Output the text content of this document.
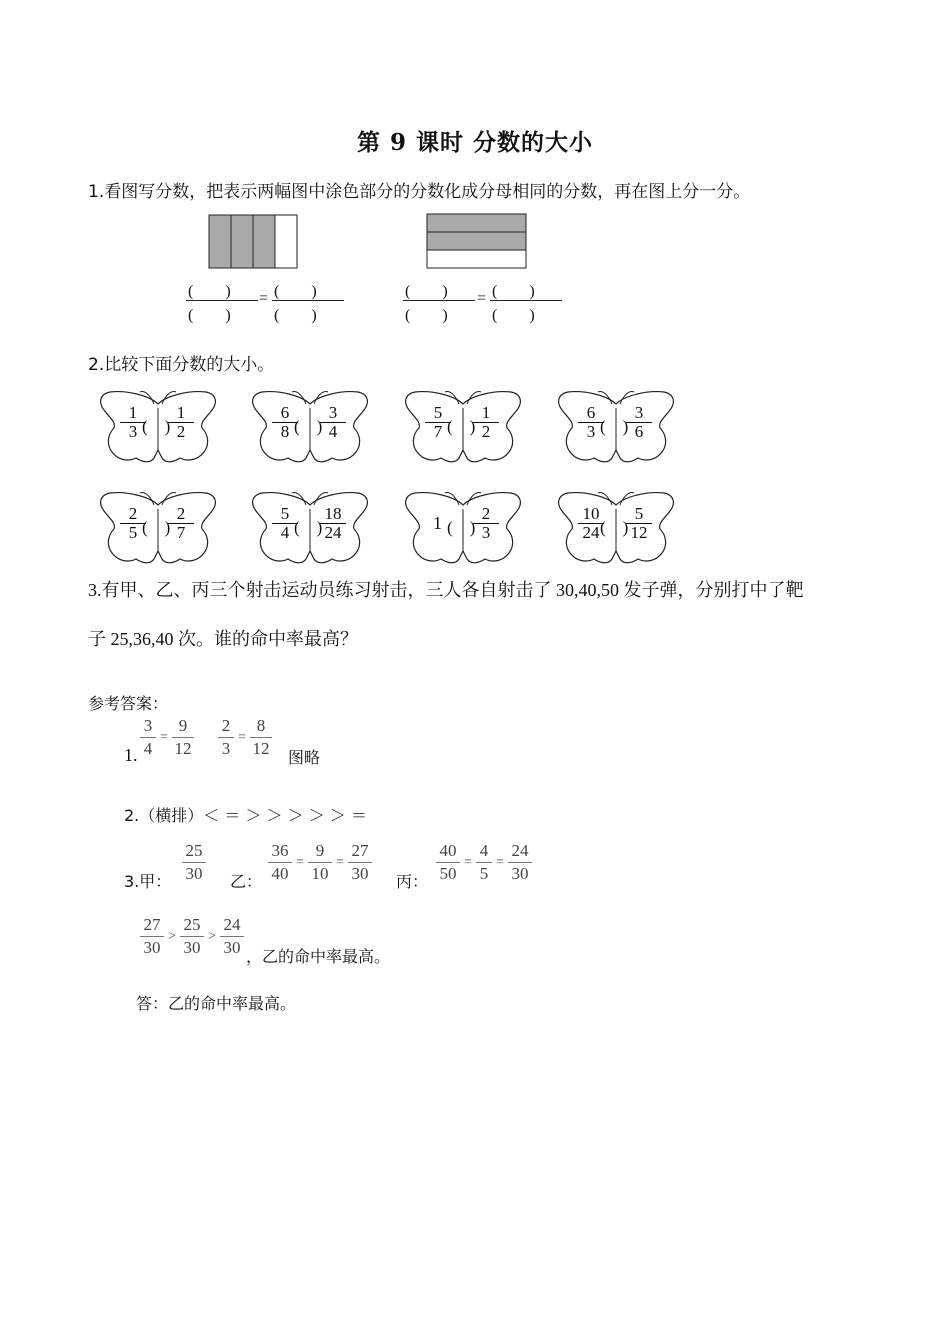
第 9 课时 分数的大小
1.看图写分数，把表示两幅图中涂色部分的分数化成分母相同的分数，再在图上分一分。
(　　)
(　　)
= (　　)
(　　)
(　　)
(　　)
= (　　)
(　　)
2.比较下面分数的大小。
1
3 (　)
1
2
6
8 (　)
3
4
5
7 (　)
1
2
6
3 (　)
3
6
2
5 (　)
2
7
5
4 (　)
18
24	1 (　)
2
3
10
24 (　)
5
12
3.有甲、乙、丙三个射击运动员练习射击，三人各自射击了 30,40,50 发子弹，分别打中了靶
子 25,36,40 次。谁的命中率最高？
参考答案：
1.
3
4
=
9
12
2
3
=
8
12 图略
2.（横排）＜ ＝ ＞ ＞ ＞ ＞ ＞ ＝
3.甲：
25
30 乙：
36
40
=
9
10
=
27
30 丙：
40
50
=
4
5
=
24
30
27
30
>
25
30
>
24
30 ，乙的命中率最高。
答：乙的命中率最高。
